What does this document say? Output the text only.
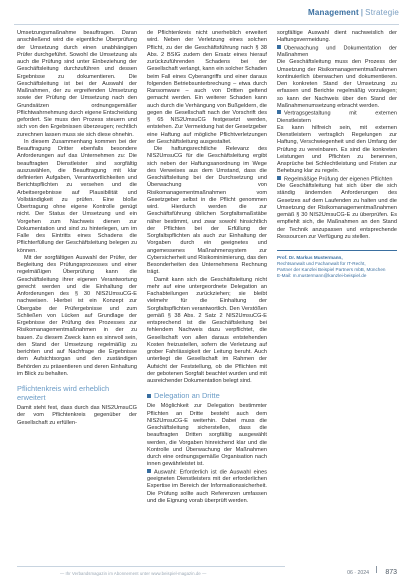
Management | Strategie

Umsetzungsmaßnahme beauftragen. Daran anschließend wird die eigentliche Überprüfung der Umsetzung durch einen unabhängigen Prüfer durchgeführt. Sowohl die Umsetzung als auch die Prüfung sind unter Einbeziehung der Geschäftsleitung durchzuführen und dessen Ergebnisse zu dokumentieren. Die Geschäftsleitung ist bei der Auswahl der Maßnahmen, der zu ergreifenden Umsetzung sowie der Prüfung der Umsetzung nach den Grundsätzen ordnungsgemäßer Pflichtwahrnehmung durch eigene Entscheidung gefordert. Sie muss den Prozess steuern und sich von den Ergebnissen überzeugen; rechtlich zurechnen lassen muss sie sich diese ohnehin.

In diesem Zusammenhang kommen bei der Beauftragung Dritter ebenfalls besondere Anforderungen auf das Unternehmen zu: Die beauftragten Dienstleister sind sorgfältig auszuwählen, die Beauftragung mit klar definierten Aufgaben, Verantwortlichkeiten und Berichtspflichten zu versehen und die Arbeitsergebnisse auf Plausibilität und Vollständigkeit zu prüfen. Eine bloße Übertragung ohne eigene Kontrolle genügt nicht. Der Status der Umsetzung und ein Vorgehen zum Nachweis dienen zur Dokumentation und sind zu hinterlegen, um im Falle des Eintritts eines Schadens die Pflichterfüllung der Geschäftsleitung belegen zu können.

Mit der sorgfältigen Auswahl der Prüfer, der Begleitung des Prüfungsprozesses und einer regelmäßigen Überprüfung kann die Geschäftsleitung ihrer eigenen Verantwortung gerecht werden und die Einhaltung der Anforderungen des § 30 NIS2UmsuCG-E nachweisen. Hierbei ist ein Konzept zur Übergabe der Prüfergebnisse und zum Schließen von Lücken auf Grundlage der Ergebnisse der Prüfung des Prozesses zur Risikomanagementmaßnahmen in der zu bauen. Zu diesem Zweck kann es sinnvoll sein, den Stand der Umsetzung regelmäßig zu berichten und auf Nachfrage die Ergebnisse dem Aufsichtsorgan und den zuständigen Behörden zu präsentieren und deren Einhaltung im Blick zu behalten.

Pflichtenkreis wird erheblich erweitert

Damit steht fest, dass durch das NIS2UmsuCG der vom Pflichtenkreis gegenüber der Gesellschaft zu erfüllen-

de Pflichtenkreis nicht unerheblich erweitert wird. Neben der Verletzung eines solchen Pflicht, zu der die Geschäftsführung nach § 38 Abs. 2 BSIG zudem den Ersatz eines hierauf zurückzuführenden Schadens bei der Gesellschaft verlangt, kann ein solcher Schaden beim Fall eines Cyberangriffs und einer daraus folgenden Betriebsunterbrechung – etwa durch Ransomware – auch von Dritten geltend gemacht werden. Ein weiterer Schaden kann auch durch die Verhängung von Bußgeldern, die gegen die Gesellschaft nach der Vorschrift des § 65 NIS2UmsuCG festgesetzt werden, entstehen. Zur Vermeidung hat der Gesetzgeber eine Haftung auf mögliche Pflichtverletzungen der Geschäftsleitung ausgestaltet.

Die haftungsrechtliche Relevanz des NIS2UmsuCG für die Geschäftsleitung ergibt sich neben der Haftungsanordnung im Wege des Verweises aus dem Umstand, dass die Geschäftsleitung bei der Durchsetzung und Überwachung von Risikomanagementmaßnahmen vom Gesetzgeber selbst in die Pflicht genommen wird. Hierdurch werden die zur Geschäftsführung üblichen Sorgfaltsmaßstäbe näher bestimmt, und zwar sowohl hinsichtlich der Pflichten bei der Erfüllung der Sorgfaltspflichten als auch zur Einhaltung der Vorgaben durch ein geeignetes und angemessenes Maßnahmensystem zur Cybersicherheit und Risikominimierung, das den Besonderheiten des Unternehmens Rechnung trägt.

Damit kann sich die Geschäftsleitung nicht mehr auf eine untergeordnete Delegation an Fachabteilungen zurückziehen; sie bleibt vielmehr für die Einhaltung der Sorgfaltspflichten verantwortlich. Den Verstößen gemäß § 38 Abs. 2 Satz 2 NIS2UmsuCG-E entsprechend ist die Geschäftsleitung bei fehlendem Nachweis dazu verpflichtet, die Gesellschaft von allen daraus entstehenden Kosten freizustellen, sofern die Verletzung auf grober Fahrlässigkeit der Leitung beruht. Auch unterliegt die Gesellschaft im Rahmen der Aufsicht der Feststellung, ob die Pflichten mit der gebotenen Sorgfalt beachtet wurden und mit ausreichender Dokumentation belegt sind.

Delegation an Dritte

Die Möglichkeit zur Delegation bestimmter Pflichten an Dritte besteht auch dem NIS2UmsuCG-E weiterhin. Dabei muss die Geschäftsleitung sicherstellen, dass die beauftragten Dritten sorgfältig ausgewählt werden, die Vorgaben hinreichend klar und die Kontrolle und Überwachung der Maßnahmen durch eine ordnungsgemäße Organisation nach innen gewährleistet ist.

Auswahl: Erforderlich ist die Auswahl eines geeigneten Dienstleisters mit der erforderlichen Expertise im Bereich der Informationssicherheit. Die Prüfung sollte auch Referenzen umfassen und die Eignung vorab überprüft werden.

sorgfältige Auswahl dient nachweislich der Haftungsvermeidung.

Überwachung und Dokumentation der Maßnahmen

Die Geschäftsleitung muss den Prozess der Umsetzung der Risikomanagementmaßnahmen kontinuierlich überwachen und dokumentieren. Den konkreten Stand der Umsetzung zu erfassen und Berichte regelmäßig vorzulegen; so kann der Nachweis über den Stand der Maßnahmenumsetzung erbracht werden.

Vertragsgestaltung mit externen Dienstleistern

Es kann hilfreich sein, mit externen Dienstleistern vertraglich Regelungen zur Haftung, Verschwiegenheit und den Umfang der Prüfung zu vereinbaren. Es sind die konkreten Leistungen und Pflichten zu benennen, Ansprüche bei Schlechtleistung und Fristen zur Behebung klar zu regeln.

Regelmäßige Prüfung der eigenen Pflichten

Die Geschäftsleitung hat sich über die sich ständig ändernden Anforderungen des Gesetzes auf dem Laufenden zu halten und die Umsetzung der Risikomanagementmaßnahmen gemäß § 30 NIS2UmsuCG-E zu überprüfen. Es empfiehlt sich, die Maßnahmen an den Stand der Technik anzupassen und entsprechende Ressourcen zur Verfügung zu stellen.

Prof. Dr. Markus Mustermann,
Rechtsanwalt und Fachanwalt für IT-Recht,
Partner der Kanzlei Beispiel Partners mbB, München
E-Mail: m.mustermann@kanzlei-beispiel.de
— Ihr Verbandsmagazin im Abonnement unter www.beispiel-magazin.de —	06 · 2024 873
